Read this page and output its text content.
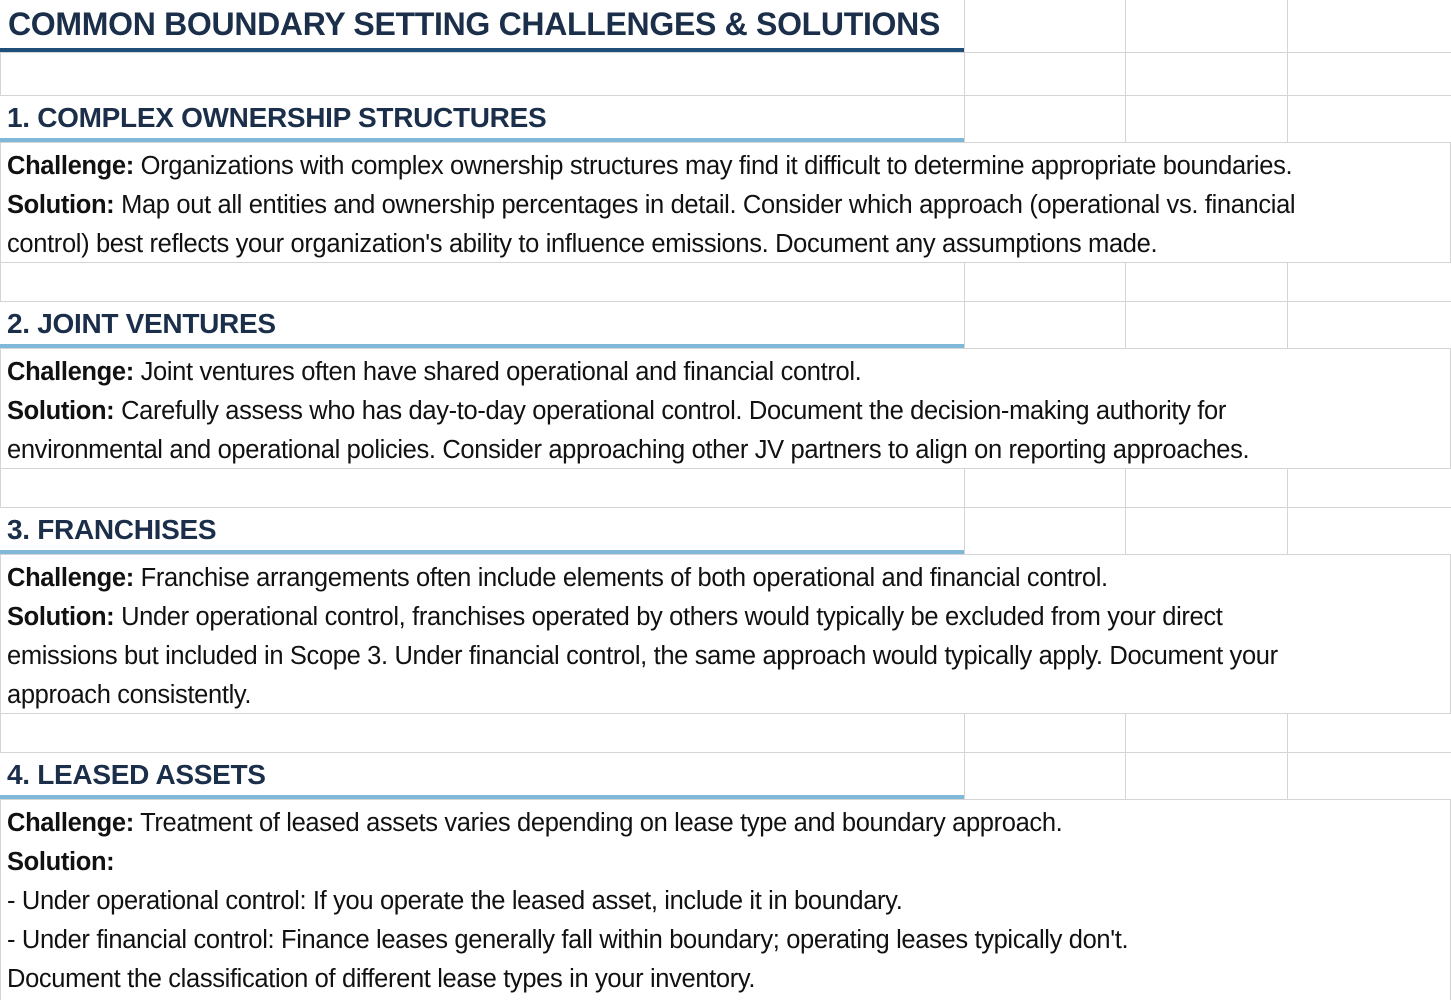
COMMON BOUNDARY SETTING CHALLENGES & SOLUTIONS
1. COMPLEX OWNERSHIP STRUCTURES
Challenge: Organizations with complex ownership structures may find it difficult to determine appropriate boundaries.
Solution: Map out all entities and ownership percentages in detail. Consider which approach (operational vs. financial
control) best reflects your organization's ability to influence emissions. Document any assumptions made.
2. JOINT VENTURES
Challenge: Joint ventures often have shared operational and financial control.
Solution: Carefully assess who has day-to-day operational control. Document the decision-making authority for
environmental and operational policies. Consider approaching other JV partners to align on reporting approaches.
3. FRANCHISES
Challenge: Franchise arrangements often include elements of both operational and financial control.
Solution: Under operational control, franchises operated by others would typically be excluded from your direct
emissions but included in Scope 3. Under financial control, the same approach would typically apply. Document your
approach consistently.
4. LEASED ASSETS
Challenge: Treatment of leased assets varies depending on lease type and boundary approach.
Solution:
- Under operational control: If you operate the leased asset, include it in boundary.
- Under financial control: Finance leases generally fall within boundary; operating leases typically don't.
Document the classification of different lease types in your inventory.
